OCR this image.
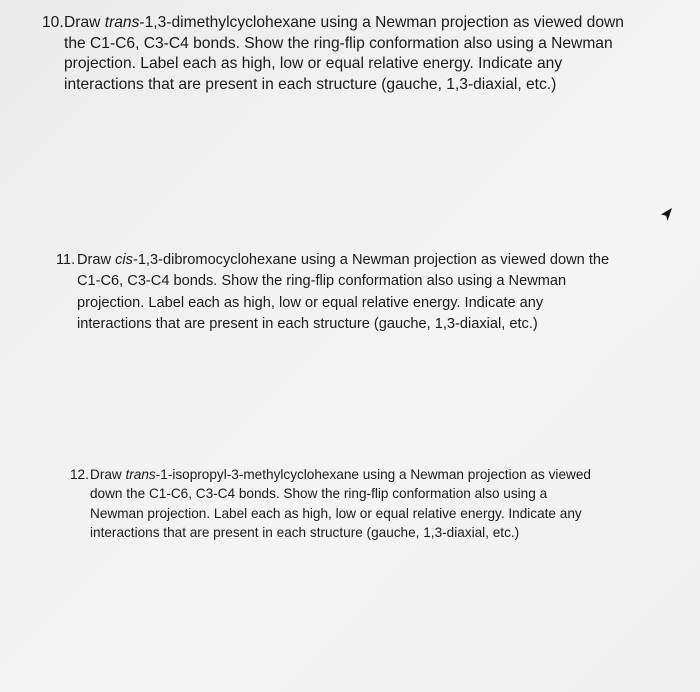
10. Draw trans-1,3-dimethylcyclohexane using a Newman projection as viewed down the C1-C6, C3-C4 bonds. Show the ring-flip conformation also using a Newman projection. Label each as high, low or equal relative energy. Indicate any interactions that are present in each structure (gauche, 1,3-diaxial, etc.)
11. Draw cis-1,3-dibromocyclohexane using a Newman projection as viewed down the C1-C6, C3-C4 bonds. Show the ring-flip conformation also using a Newman projection. Label each as high, low or equal relative energy. Indicate any interactions that are present in each structure (gauche, 1,3-diaxial, etc.)
12. Draw trans-1-isopropyl-3-methylcyclohexane using a Newman projection as viewed down the C1-C6, C3-C4 bonds. Show the ring-flip conformation also using a Newman projection. Label each as high, low or equal relative energy. Indicate any interactions that are present in each structure (gauche, 1,3-diaxial, etc.)
